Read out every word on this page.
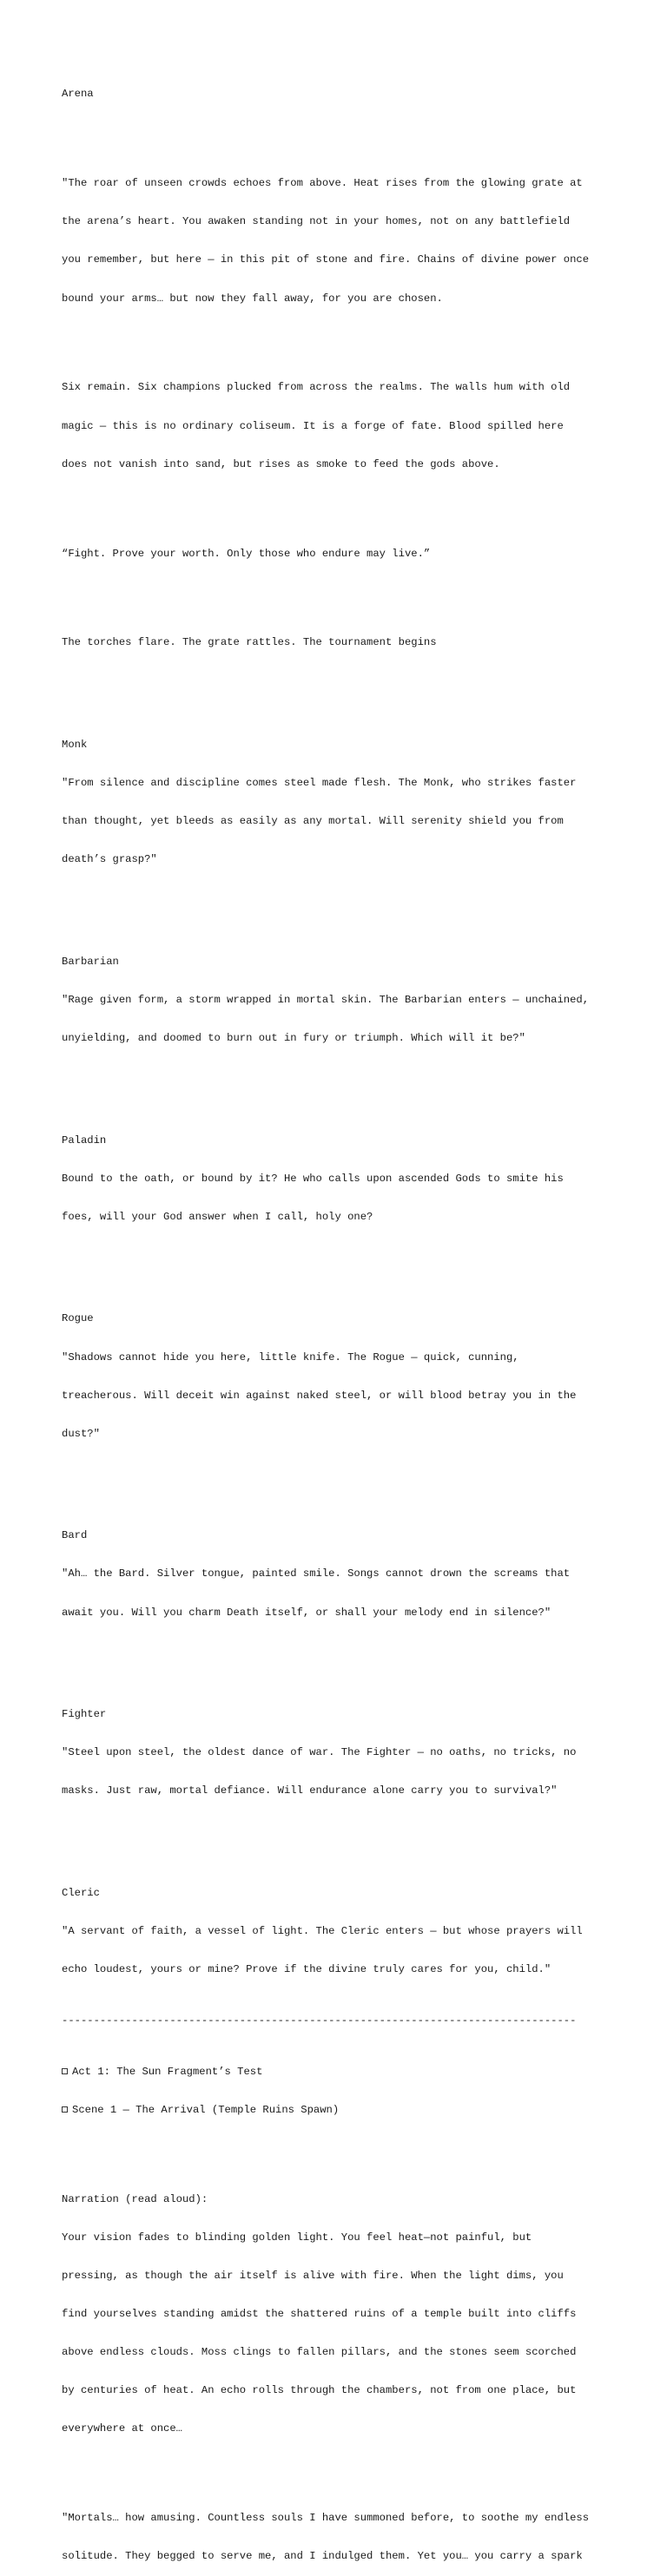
Arena

"The roar of unseen crowds echoes from above. Heat rises from the glowing grate at

the arena’s heart. You awaken standing not in your homes, not on any battlefield

you remember, but here — in this pit of stone and fire. Chains of divine power once

bound your arms… but now they fall away, for you are chosen.

Six remain. Six champions plucked from across the realms. The walls hum with old

magic — this is no ordinary coliseum. It is a forge of fate. Blood spilled here

does not vanish into sand, but rises as smoke to feed the gods above.

“Fight. Prove your worth. Only those who endure may live.”

The torches flare. The grate rattles. The tournament begins

Monk

"From silence and discipline comes steel made flesh. The Monk, who strikes faster

than thought, yet bleeds as easily as any mortal. Will serenity shield you from

death’s grasp?"

Barbarian

"Rage given form, a storm wrapped in mortal skin. The Barbarian enters — unchained,

unyielding, and doomed to burn out in fury or triumph. Which will it be?"

Paladin

Bound to the oath, or bound by it? He who calls upon ascended Gods to smite his

foes, will your God answer when I call, holy one?

Rogue

"Shadows cannot hide you here, little knife. The Rogue — quick, cunning,

treacherous. Will deceit win against naked steel, or will blood betray you in the

dust?"

Bard

"Ah… the Bard. Silver tongue, painted smile. Songs cannot drown the screams that

await you. Will you charm Death itself, or shall your melody end in silence?"

Fighter

"Steel upon steel, the oldest dance of war. The Fighter — no oaths, no tricks, no

masks. Just raw, mortal defiance. Will endurance alone carry you to survival?"

Cleric

"A servant of faith, a vessel of light. The Cleric enters — but whose prayers will

echo loudest, yours or mine? Prove if the divine truly cares for you, child."

---------------------------------------------------------------------------------

Act 1: The Sun Fragment’s Test

Scene 1 — The Arrival (Temple Ruins Spawn)

Narration (read aloud):

Your vision fades to blinding golden light. You feel heat—not painful, but

pressing, as though the air itself is alive with fire. When the light dims, you

find yourselves standing amidst the shattered ruins of a temple built into cliffs

above endless clouds. Moss clings to fallen pillars, and the stones seem scorched

by centuries of heat. An echo rolls through the chambers, not from one place, but

everywhere at once…

"Mortals… how amusing. Countless souls I have summoned before, to soothe my endless

solitude. They begged to serve me, and I indulged them. Yet you… you carry a spark
